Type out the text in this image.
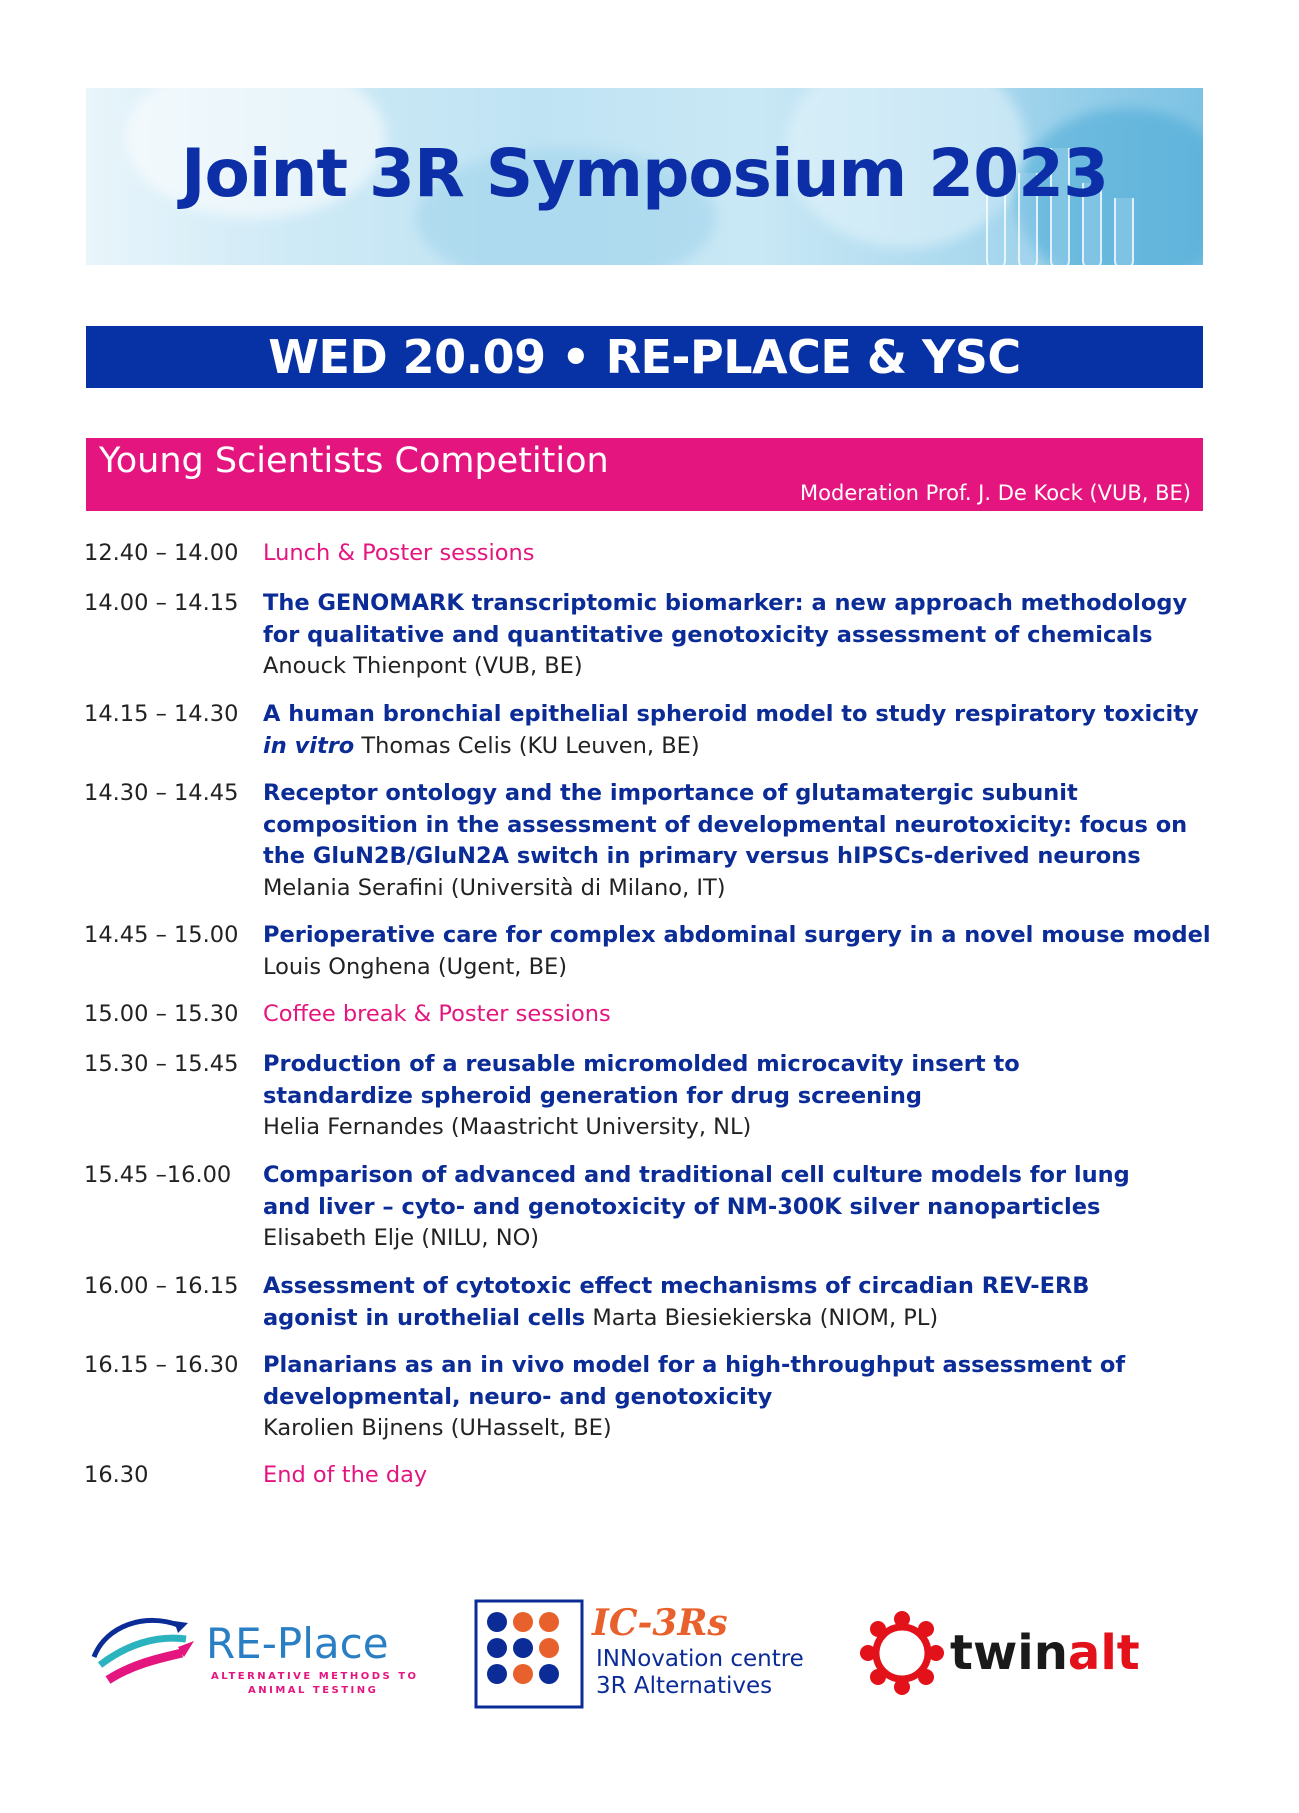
Joint 3R Symposium 2023
WED 20.09 • RE-PLACE & YSC
Young Scientists Competition
Moderation Prof. J. De Kock (VUB, BE)
12.40 – 14.00 Lunch & Poster sessions
14.00 – 14.15 The GENOMARK transcriptomic biomarker: a new approach methodology
for qualitative and quantitative genotoxicity assessment of chemicals
Anouck Thienpont (VUB, BE)
14.15 – 14.30 A human bronchial epithelial spheroid model to study respiratory toxicity
in vitro Thomas Celis (KU Leuven, BE)
14.30 – 14.45 Receptor ontology and the importance of glutamatergic subunit
composition in the assessment of developmental neurotoxicity: focus on
the GluN2B/GluN2A switch in primary versus hIPSCs-derived neurons
Melania Serafini (Università di Milano, IT)
14.45 – 15.00 Perioperative care for complex abdominal surgery in a novel mouse model
Louis Onghena (Ugent, BE)
15.00 – 15.30 Coffee break & Poster sessions
15.30 – 15.45 Production of a reusable micromolded microcavity insert to
standardize spheroid generation for drug screening
Helia Fernandes (Maastricht University, NL)
15.45 –16.00 Comparison of advanced and traditional cell culture models for lung
and liver – cyto- and genotoxicity of NM-300K silver nanoparticles
Elisabeth Elje (NILU, NO)
16.00 – 16.15 Assessment of cytotoxic effect mechanisms of circadian REV-ERB
agonist in urothelial cells Marta Biesiekierska (NIOM, PL)
16.15 – 16.30 Planarians as an in vivo model for a high-throughput assessment of
developmental, neuro- and genotoxicity
Karolien Bijnens (UHasselt, BE)
16.30	End of the day
RE-Place
ALTERNATIVE METHODS TO
ANIMAL TESTING
IC-3Rs
INNovation centre
3R Alternatives
twinalt
